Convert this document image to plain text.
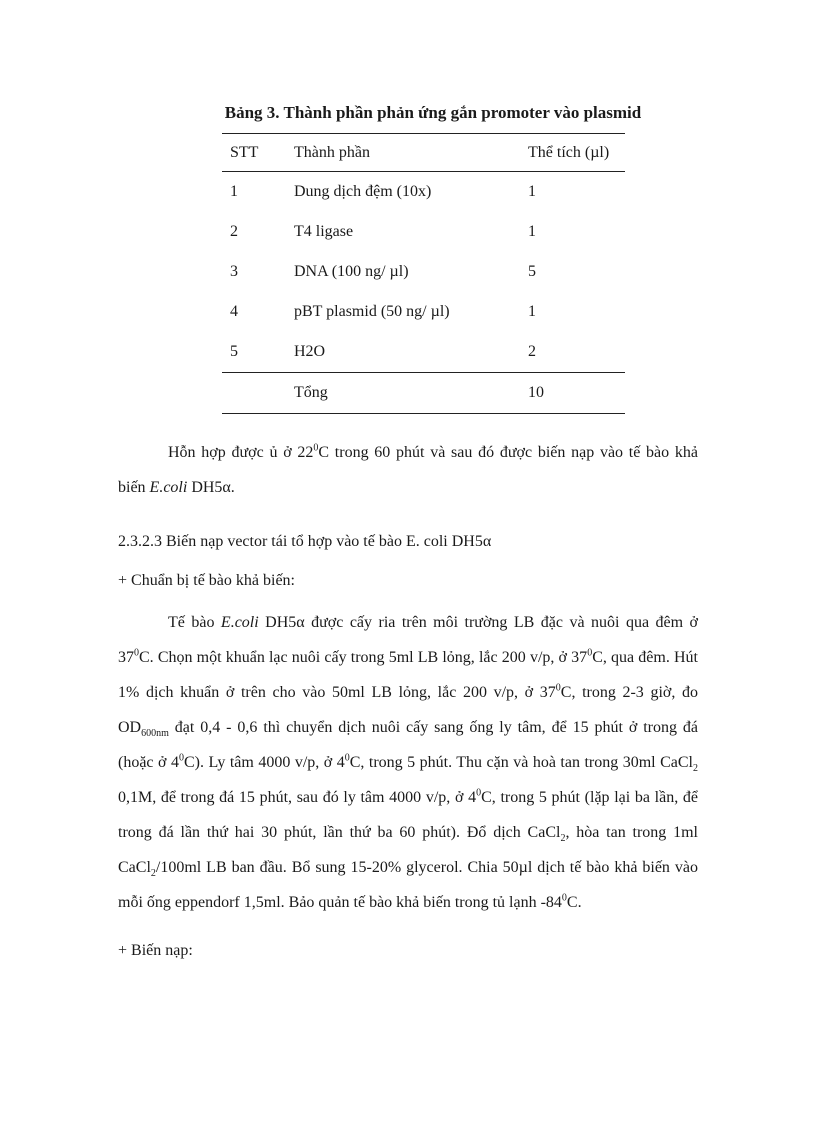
Bảng 3. Thành phần phản ứng gắn promoter vào plasmid
STT	Thành phần	Thể tích (µl)
1	Dung dịch đệm (10x)	1
2	T4 ligase	1
3	DNA (100 ng/ µl)	5
4	pBT plasmid (50 ng/ µl)	1
5	H2O	2
	Tổng	10

Hỗn hợp được ủ ở $22^0C$ trong 60 phút và sau đó được biến nạp vào tế bào khả biến E.coli DH5α.

2.3.2.3 Biến nạp vector tái tổ hợp vào tế bào E. coli DH5α

+ Chuẩn bị tế bào khả biến:

Tế bào E.coli DH5α được cấy ria trên môi trường LB đặc và nuôi qua đêm ở $37^0C$. Chọn một khuẩn lạc nuôi cấy trong 5ml LB lỏng, lắc 200 v/p, ở $37^0C$, qua đêm. Hút 1% dịch khuẩn ở trên cho vào 50ml LB lỏng, lắc 200 v/p, ở $37^0C$, trong 2-3 giờ, đo $OD_{600nm}$ đạt 0,4 - 0,6 thì chuyển dịch nuôi cấy sang ống ly tâm, để 15 phút ở trong đá (hoặc ở $4^0C$). Ly tâm 4000 v/p, ở $4^0C$, trong 5 phút. Thu cặn và hoà tan trong 30ml CaCl$_2$ 0,1M, để trong đá 15 phút, sau đó ly tâm 4000 v/p, ở $4^0C$, trong 5 phút (lặp lại ba lần, để trong đá lần thứ hai 30 phút, lần thứ ba 60 phút). Đổ dịch CaCl$_2$, hòa tan trong 1ml CaCl$_2$/100ml LB ban đầu. Bổ sung 15-20% glycerol. Chia 50µl dịch tế bào khả biến vào mỗi ống eppendorf 1,5ml. Bảo quản tế bào khả biến trong tủ lạnh $-84^0C$.

+ Biến nạp:
